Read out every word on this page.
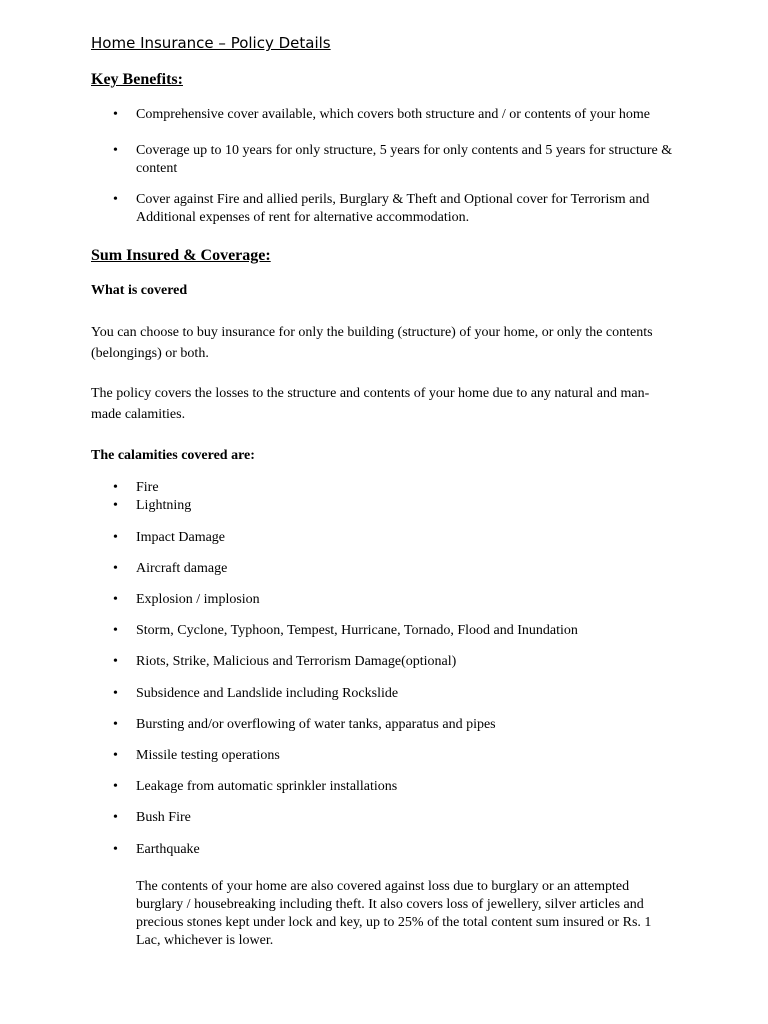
Home Insurance – Policy Details
Key Benefits:
• Comprehensive cover available, which covers both structure and / or contents of your home
• Coverage up to 10 years for only structure, 5 years for only contents and 5 years for structure & content
• Cover against Fire and allied perils, Burglary & Theft and Optional cover for Terrorism and Additional expenses of rent for alternative accommodation.
Sum Insured & Coverage:
What is covered
You can choose to buy insurance for only the building (structure) of your home, or only the contents (belongings) or both.
The policy covers the losses to the structure and contents of your home due to any natural and man-made calamities.
The calamities covered are:
• Fire
• Lightning
• Impact Damage
• Aircraft damage
• Explosion / implosion
• Storm, Cyclone, Typhoon, Tempest, Hurricane, Tornado, Flood and Inundation
• Riots, Strike, Malicious and Terrorism Damage(optional)
• Subsidence and Landslide including Rockslide
• Bursting and/or overflowing of water tanks, apparatus and pipes
• Missile testing operations
• Leakage from automatic sprinkler installations
• Bush Fire
• Earthquake
The contents of your home are also covered against loss due to burglary or an attempted burglary / housebreaking including theft. It also covers loss of jewellery, silver articles and precious stones kept under lock and key, up to 25% of the total content sum insured or Rs. 1 Lac, whichever is lower.
